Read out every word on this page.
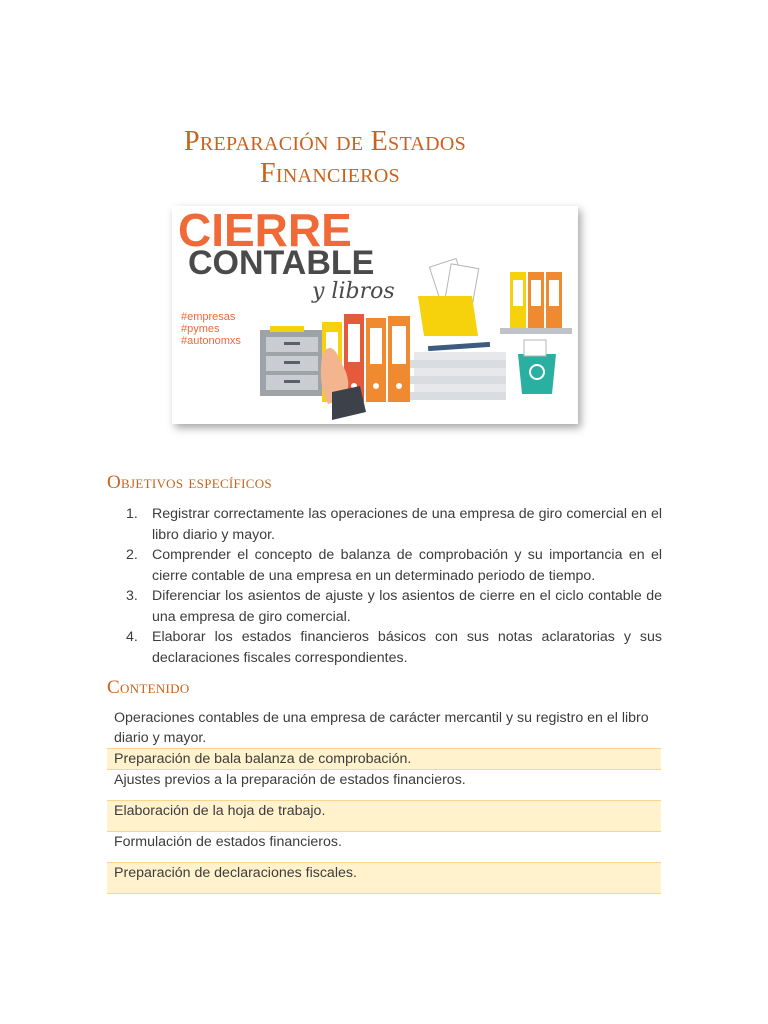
Preparación de Estados

Financieros
CIERRE
CONTABLE
y libros
#empresas
#pymes
#autonomxs
Objetivos específicos
1. Registrar correctamente las operaciones de una empresa de giro comercial en el libro diario y mayor.
2. Comprender el concepto de balanza de comprobación y su importancia en el cierre contable de una empresa en un determinado periodo de tiempo.
3. Diferenciar los asientos de ajuste y los asientos de cierre en el ciclo contable de una empresa de giro comercial.
4. Elaborar los estados financieros básicos con sus notas aclaratorias y sus declaraciones fiscales correspondientes.
Contenido
Operaciones contables de una empresa de carácter mercantil y su registro en el libro diario y mayor.
Preparación de bala balanza de comprobación.
Ajustes previos a la preparación de estados financieros.
Elaboración de la hoja de trabajo.
Formulación de estados financieros.
Preparación de declaraciones fiscales.
